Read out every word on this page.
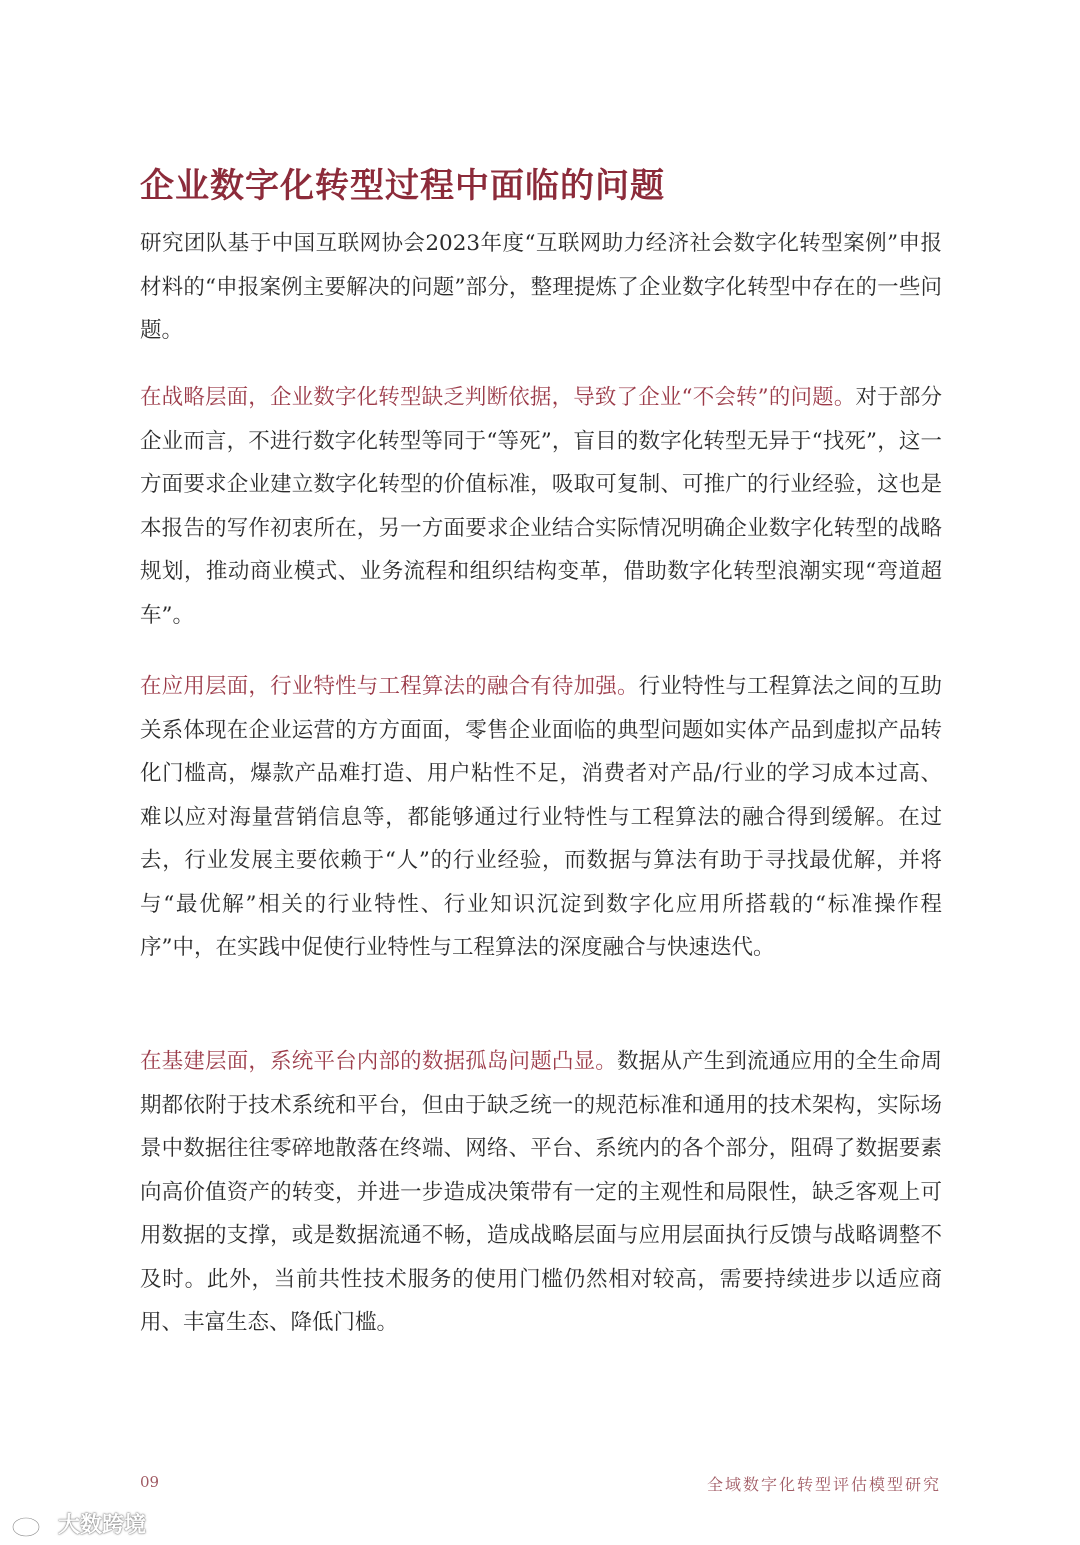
企业数字化转型过程中面临的问题

研究团队基于中国互联网协会2023年度“互联网助力经济社会数字化转型案例”申报材料的“申报案例主要解决的问题”部分，整理提炼了企业数字化转型中存在的一些问题。

在战略层面，企业数字化转型缺乏判断依据，导致了企业“不会转”的问题。对于部分企业而言，不进行数字化转型等同于“等死”，盲目的数字化转型无异于“找死”，这一方面要求企业建立数字化转型的价值标准，吸取可复制、可推广的行业经验，这也是本报告的写作初衷所在，另一方面要求企业结合实际情况明确企业数字化转型的战略规划，推动商业模式、业务流程和组织结构变革，借助数字化转型浪潮实现“弯道超车”。

在应用层面，行业特性与工程算法的融合有待加强。行业特性与工程算法之间的互助关系体现在企业运营的方方面面，零售企业面临的典型问题如实体产品到虚拟产品转化门槛高，爆款产品难打造、用户粘性不足，消费者对产品/行业的学习成本过高、难以应对海量营销信息等，都能够通过行业特性与工程算法的融合得到缓解。在过去，行业发展主要依赖于“人”的行业经验，而数据与算法有助于寻找最优解，并将与“最优解”相关的行业特性、行业知识沉淀到数字化应用所搭载的“标准操作程序”中，在实践中促使行业特性与工程算法的深度融合与快速迭代。

在基建层面，系统平台内部的数据孤岛问题凸显。数据从产生到流通应用的全生命周期都依附于技术系统和平台，但由于缺乏统一的规范标准和通用的技术架构，实际场景中数据往往零碎地散落在终端、网络、平台、系统内的各个部分，阻碍了数据要素向高价值资产的转变，并进一步造成决策带有一定的主观性和局限性，缺乏客观上可用数据的支撑，或是数据流通不畅，造成战略层面与应用层面执行反馈与战略调整不及时。此外，当前共性技术服务的使用门槛仍然相对较高，需要持续进步以适应商用、丰富生态、降低门槛。

09	全域数字化转型评估模型研究
大数跨境
